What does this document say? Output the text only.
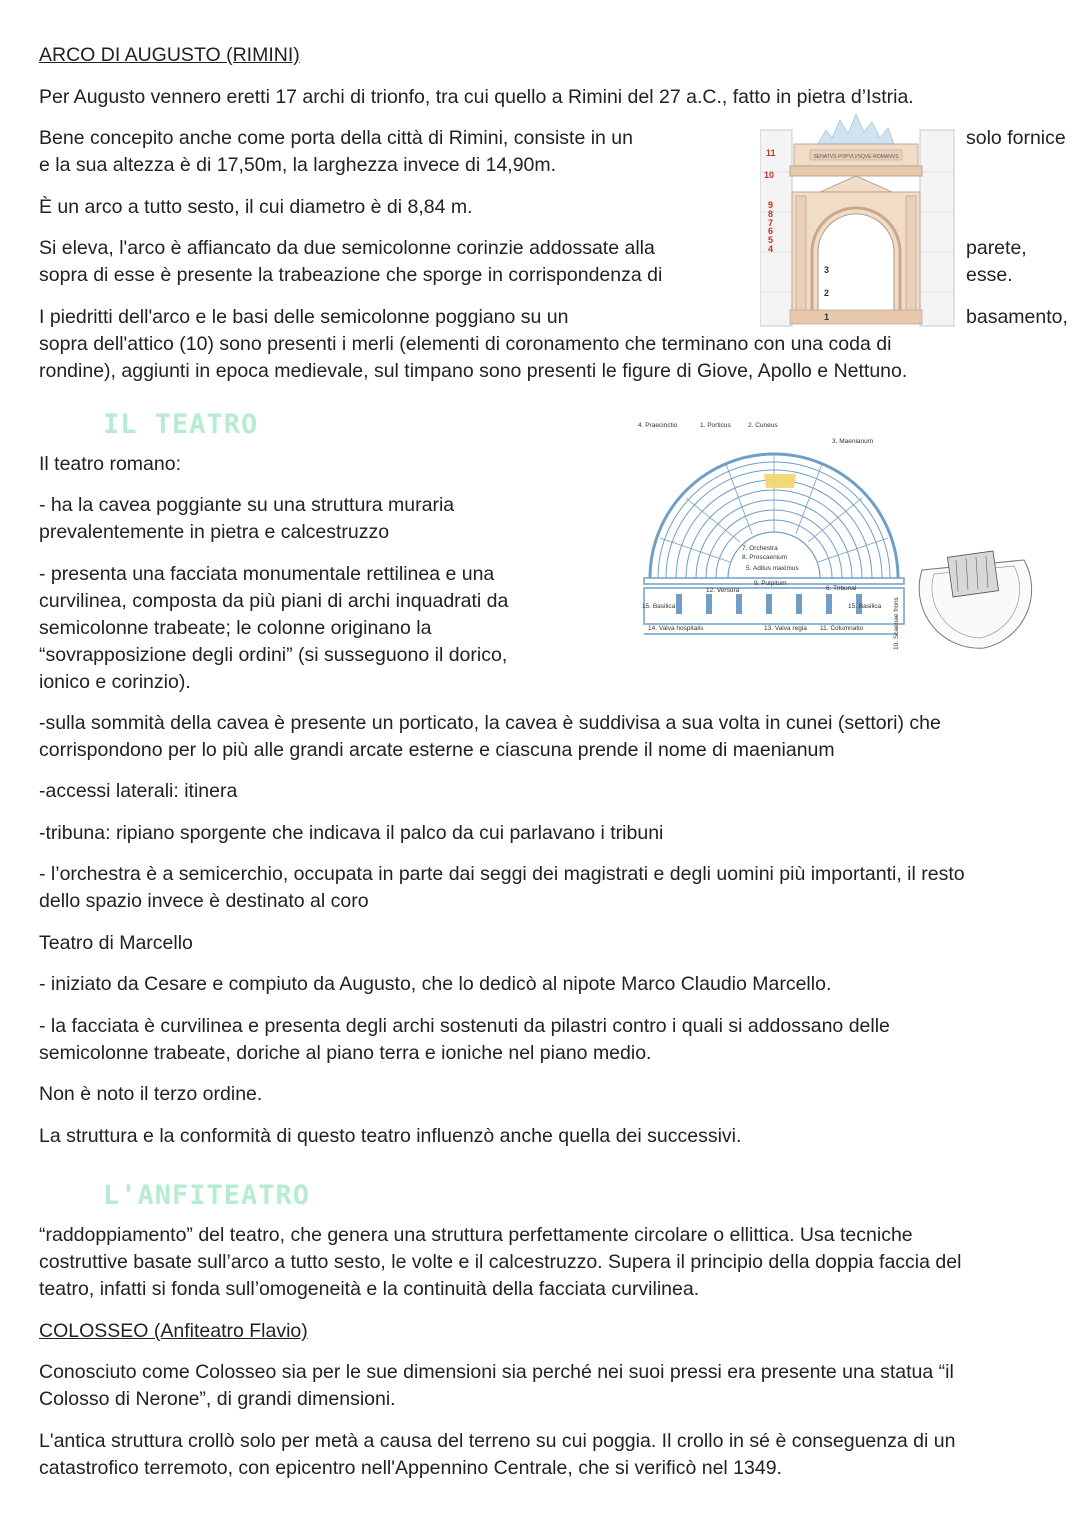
ARCO DI AUGUSTO (RIMINI)
Per Augusto vennero eretti 17 archi di trionfo, tra cui quello a Rimini del 27 a.C., fatto in pietra d’Istria.
Bene concepito anche come porta della città di Rimini, consiste in un	solo fornice
e la sua altezza è di 17,50m, la larghezza invece di 14,90m.
È un arco a tutto sesto, il cui diametro è di 8,84 m.
Si eleva, l'arco è affiancato da due semicolonne corinzie addossate alla	parete,
sopra di esse è presente la trabeazione che sporge in corrispondenza di	esse.
I piedritti dell'arco e le basi delle semicolonne poggiano su un	basamento,
sopra dell'attico (10) sono presenti i merli (elementi di coronamento che terminano con una coda di
rondine), aggiunti in epoca medievale, sul timpano sono presenti le figure di Giove, Apollo e Nettuno.
SENATVS·POPVLVSQVE·ROMANVS
11
10
9
8
7
6
5
4
3
2
1
IL TEATRO
Il teatro romano:
- ha la cavea poggiante su una struttura muraria
prevalentemente in pietra e calcestruzzo
- presenta una facciata monumentale rettilinea e una
curvilinea, composta da più piani di archi inquadrati da
semicolonne trabeate; le colonne originano la
“sovrapposizione degli ordini” (si susseguono il dorico,
ionico e corinzio).
4. Praecinctio	1. Porticus	2. Cuneus
3. Maenianum
7. Orchestra
8. Proscaenium
5. Aditus maximus
9. Pulpitum
12. Versura	6. Tribunal
15. Basilica	15. Basilica
14. Valva hospitalis	13. Valva regia 11. Columnatio	10. Scaenae frons
-sulla sommità della cavea è presente un porticato, la cavea è suddivisa a sua volta in cunei (settori) che
corrispondono per lo più alle grandi arcate esterne e ciascuna prende il nome di maenianum
-accessi laterali: itinera
-tribuna: ripiano sporgente che indicava il palco da cui parlavano i tribuni
- l’orchestra è a semicerchio, occupata in parte dai seggi dei magistrati e degli uomini più importanti, il resto
dello spazio invece è destinato al coro
Teatro di Marcello
- iniziato da Cesare e compiuto da Augusto, che lo dedicò al nipote Marco Claudio Marcello.
- la facciata è curvilinea e presenta degli archi sostenuti da pilastri contro i quali si addossano delle
semicolonne trabeate, doriche al piano terra e ioniche nel piano medio.
Non è noto il terzo ordine.
La struttura e la conformità di questo teatro influenzò anche quella dei successivi.
L'ANFITEATRO
“raddoppiamento” del teatro, che genera una struttura perfettamente circolare o ellittica. Usa tecniche
costruttive basate sull’arco a tutto sesto, le volte e il calcestruzzo. Supera il principio della doppia faccia del
teatro, infatti si fonda sull’omogeneità e la continuità della facciata curvilinea.
COLOSSEO (Anfiteatro Flavio)
Conosciuto come Colosseo sia per le sue dimensioni sia perché nei suoi pressi era presente una statua “il
Colosso di Nerone”, di grandi dimensioni.
L'antica struttura crollò solo per metà a causa del terreno su cui poggia. Il crollo in sé è conseguenza di un
catastrofico terremoto, con epicentro nell'Appennino Centrale, che si verificò nel 1349.
